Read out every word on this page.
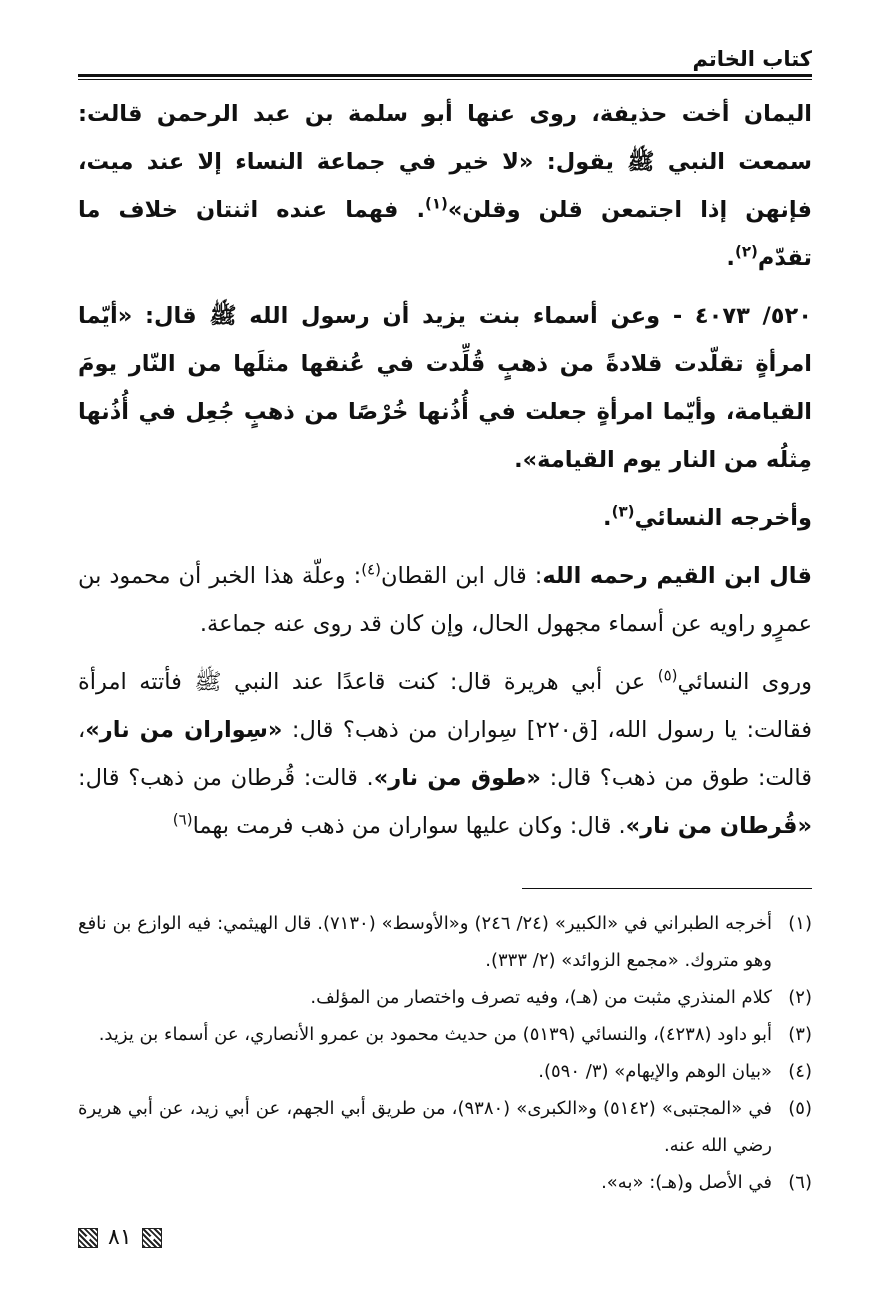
كتاب الخاتم

اليمان أخت حذيفة، روى عنها أبو سلمة بن عبد الرحمن قالت: سمعت النبي ﷺ يقول: «لا خير في جماعة النساء إلا عند ميت، فإنهن إذا اجتمعن قلن وقلن»$^{(١)}$. فهما عنده اثنتان خلاف ما تقدّم$^{(٢)}$.

٥٢٠/ ٤٠٧٣ - وعن أسماء بنت يزيد أن رسول الله ﷺ قال: «أيّما امرأةٍ تقلّدت قلادةً من ذهبٍ قُلِّدت في عُنقها مثلَها من النّار يومَ القيامة، وأيّما امرأةٍ جعلت في أُذُنها خُرْصًا من ذهبٍ جُعِل في أُذُنها مِثلُه من النار يوم القيامة».

وأخرجه النسائي$^{(٣)}$.

قال ابن القيم رحمه الله: قال ابن القطان$^{(٤)}$: وعلّة هذا الخبر أن محمود بن عمرٍو راويه عن أسماء مجهول الحال، وإن كان قد روى عنه جماعة.

وروى النسائي$^{(٥)}$ عن أبي هريرة قال: كنت قاعدًا عند النبي ﷺ فأتته امرأة فقالت: يا رسول الله، [ق٢٢٠] سِواران من ذهب؟ قال: «سِواران من نار»، قالت: طوق من ذهب؟ قال: «طوق من نار». قالت: قُرطان من ذهب؟ قال: «قُرطان من نار». قال: وكان عليها سواران من ذهب فرمت بهما$^{(٦)}$

(١)
أخرجه الطبراني في «الكبير» (٢٤/ ٢٤٦) و«الأوسط» (٧١٣٠). قال الهيثمي: فيه الوازع بن نافع وهو متروك. «مجمع الزوائد» (٢/ ٣٣٣).
(٢)
كلام المنذري مثبت من (هـ)، وفيه تصرف واختصار من المؤلف.
(٣)
أبو داود (٤٢٣٨)، والنسائي (٥١٣٩) من حديث محمود بن عمرو الأنصاري، عن أسماء بن يزيد.
(٤)
«بيان الوهم والإيهام» (٣/ ٥٩٠).
(٥)
في «المجتبى» (٥١٤٢) و«الكبرى» (٩٣٨٠)، من طريق أبي الجهم، عن أبي زيد، عن أبي هريرة رضي الله عنه.
(٦)
في الأصل و(هـ): «به».
٨١
